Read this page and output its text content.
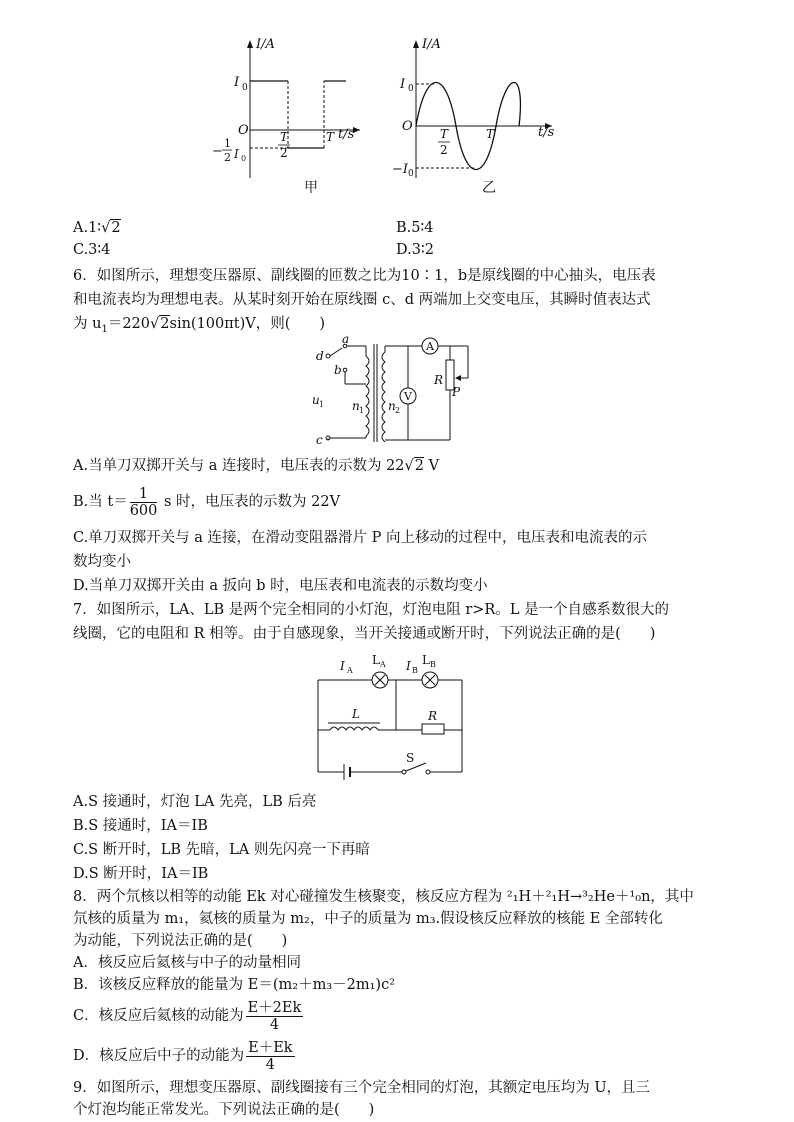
I/A
I 0
O	T
2
T t/s
−
1
2 I 0
甲
I/A
I 0
O T
2
T	t/s
−I 0
乙
A.1∶√2	B.5∶4
C.3∶4	D.3∶2
6．如图所示，理想变压器原、副线圈的匝数之比为10∶1，b是原线圈的中心抽头，电压表
和电流表均为理想电表。从某时刻开始在原线圈 c、d 两端加上交变电压，其瞬时值表达式
为 $u_1=220√2\sin(100\pi t)V$，则(　　)
d
a
b
c
u 1 n 1 n 2
A
V
R
P
A.当单刀双掷开关与 a 连接时，电压表的示数为 22√2 V
B.当 $t= \frac{1}{600}$ s 时，电压表的示数为 22V
C.单刀双掷开关与 a 连接，在滑动变阻器滑片 P 向上移动的过程中，电压表和电流表的示
数均变小
D.当单刀双掷开关由 a 扳向 b 时，电压表和电流表的示数均变小
7．如图所示，LA、LB 是两个完全相同的小灯泡，灯泡电阻 r>R。L 是一个自感系数很大的
线圈，它的电阻和 R 相等。由于自感现象，当开关接通或断开时，下列说法正确的是(　　)
I A
L A I B
L B
L	R
S
A.S 接通时，灯泡 LA 先亮，LB 后亮
B.S 接通时，IA＝IB
C.S 断开时，LB 先暗，LA 则先闪亮一下再暗
D.S 断开时，IA＝IB
8．两个氘核以相等的动能 Ek 对心碰撞发生核聚变，核反应方程为 ²₁H＋²₁H→³₂He＋¹₀n，其中
氘核的质量为 m₁，氦核的质量为 m₂，中子的质量为 m₃.假设核反应释放的核能 E 全部转化
为动能，下列说法正确的是(　　)
A．核反应后氦核与中子的动量相同
B．该核反应释放的能量为 E＝(m₂＋m₃－2m₁)c²
C．核反应后氦核的动能为 $\frac{E+2Ek}{4}$
D．核反应后中子的动能为 $\frac{E+Ek}{4}$
9．如图所示，理想变压器原、副线圈接有三个完全相同的灯泡，其额定电压均为 U，且三
个灯泡均能正常发光。下列说法正确的是(　　)
